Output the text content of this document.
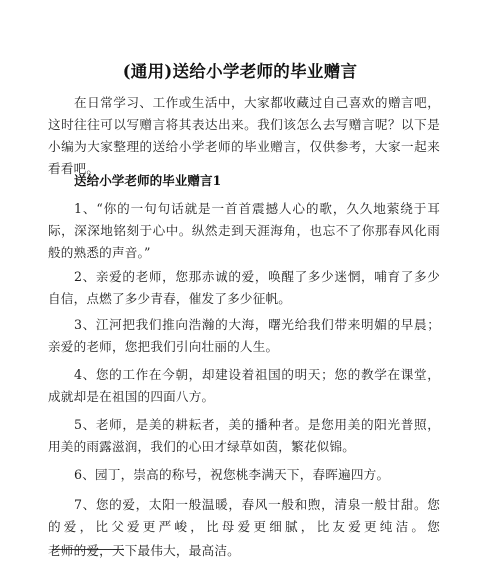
(通用)送给小学老师的毕业赠言

在日常学习、工作或生活中，大家都收藏过自己喜欢的赠言吧，这时往往可以写赠言将其表达出来。我们该怎么去写赠言呢？以下是小编为大家整理的送给小学老师的毕业赠言，仅供参考，大家一起来看看吧。

送给小学老师的毕业赠言1

1、“你的一句句话就是一首首震撼人心的歌，久久地萦绕于耳际，深深地铭刻于心中。纵然走到天涯海角，也忘不了你那春风化雨般的熟悉的声音。”

2、亲爱的老师，您那赤诚的爱，唤醒了多少迷惘，哺育了多少自信，点燃了多少青春，催发了多少征帆。

3、江河把我们推向浩瀚的大海，曙光给我们带来明媚的早晨；亲爱的老师，您把我们引向壮丽的人生。

4、您的工作在今朝，却建设着祖国的明天；您的教学在课堂，成就却是在祖国的四面八方。

5、老师，是美的耕耘者，美的播种者。是您用美的阳光普照，用美的雨露滋润，我们的心田才绿草如茵，繁花似锦。

6、园丁，崇高的称号，祝您桃李满天下，春晖遍四方。

7、您的爱，太阳一般温暖，春风一般和煦，清泉一般甘甜。您的爱，比父爱更严峻，比母爱更细腻，比友爱更纯洁。您

老师的爱，天下最伟大，最高洁。
